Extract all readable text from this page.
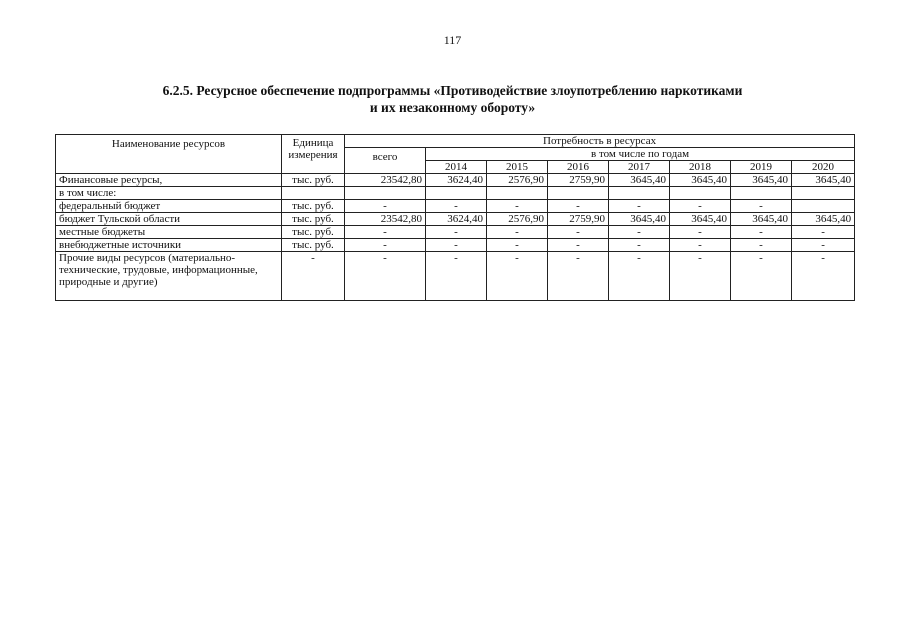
117
6.2.5. Ресурсное обеспечение подпрограммы «Противодействие злоупотреблению наркотиками
и их незаконному обороту»
Наименование ресурсов	Единица измерения	Потребность в ресурсах							
		всего	в том числе по годам						
			2014	2015	2016	2017	2018	2019	2020
Финансовые ресурсы,	тыс. руб.	23542,80	3624,40	2576,90	2759,90	3645,40	3645,40	3645,40	3645,40
в том числе:									
федеральный бюджет	тыс. руб.	-	-	-	-	-	-	-	
бюджет Тульской области	тыс. руб.	23542,80	3624,40	2576,90	2759,90	3645,40	3645,40	3645,40	3645,40
местные бюджеты	тыс. руб.	-	-	-	-	-	-	-	-
внебюджетные источники	тыс. руб.	-	-	-	-	-	-	-	-
Прочие виды ресурсов (материально-технические, трудовые, информационные, природные и другие)	-	-	-	-	-	-	-	-	-
